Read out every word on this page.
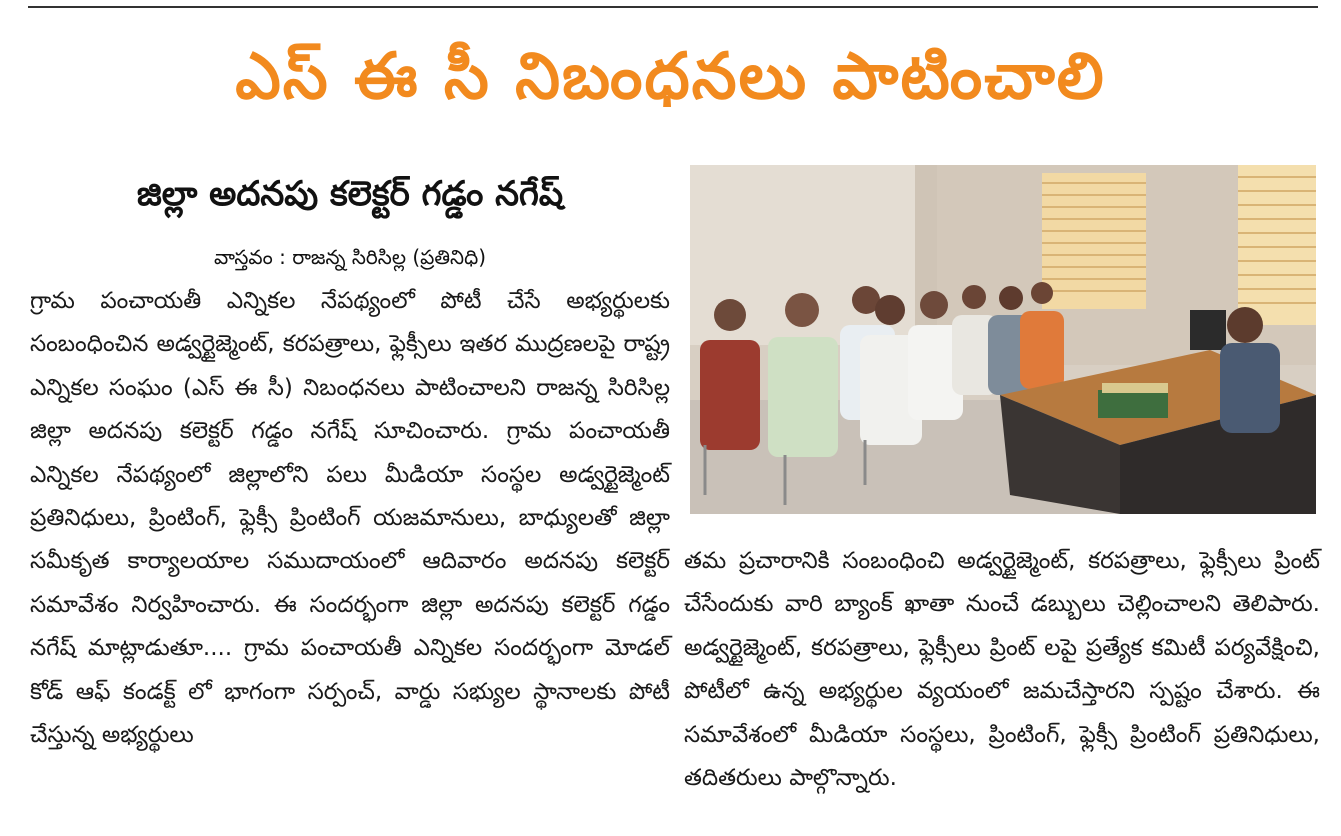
ఎస్ ఈ సీ నిబంధనలు పాటించాలి
జిల్లా అదనపు కలెక్టర్ గడ్డం నగేష్
వాస్తవం : రాజన్న సిరిసిల్ల (ప్రతినిధి)

గ్రామ పంచాయతీ ఎన్నికల నేపథ్యంలో పోటీ చేసే అభ్యర్థులకు సంబంధించిన అడ్వర్టైజ్మెంట్, కరపత్రాలు, ఫ్లెక్సీలు ఇతర ముద్రణలపై రాష్ట్ర ఎన్నికల సంఘం (ఎస్ ఈ సీ) నిబంధనలు పాటించాలని రాజన్న సిరిసిల్ల జిల్లా అదనపు కలెక్టర్ గడ్డం నగేష్ సూచించారు. గ్రామ పంచాయతీ ఎన్నికల నేపథ్యంలో జిల్లాలోని పలు మీడియా సంస్థల అడ్వర్టైజ్మెంట్ ప్రతినిధులు, ప్రింటింగ్, ఫ్లెక్సీ ప్రింటింగ్ యజమానులు, బాధ్యులతో జిల్లా సమీకృత కార్యాలయాల సముదాయంలో ఆదివారం అదనపు కలెక్టర్ సమావేశం నిర్వహించారు. ఈ సందర్భంగా జిల్లా అదనపు కలెక్టర్ గడ్డం నగేష్ మాట్లాడుతూ.... గ్రామ పంచాయతీ ఎన్నికల సందర్భంగా మోడల్ కోడ్ ఆఫ్ కండక్ట్ లో భాగంగా సర్పంచ్, వార్డు సభ్యుల స్థానాలకు పోటీ చేస్తున్న అభ్యర్థులు

తమ ప్రచారానికి సంబంధించి అడ్వర్టైజ్మెంట్, కరపత్రాలు, ఫ్లెక్సీలు ప్రింట్ చేసేందుకు వారి బ్యాంక్ ఖాతా నుంచే డబ్బులు చెల్లించాలని తెలిపారు. అడ్వర్టైజ్మెంట్, కరపత్రాలు, ఫ్లెక్సీలు ప్రింట్ లపై ప్రత్యేక కమిటీ పర్యవేక్షించి, పోటీలో ఉన్న అభ్యర్థుల వ్యయంలో జమచేస్తారని స్పష్టం చేశారు. ఈ సమావేశంలో మీడియా సంస్థలు, ప్రింటింగ్, ఫ్లెక్సీ ప్రింటింగ్ ప్రతినిధులు, తదితరులు పాల్గొన్నారు.
